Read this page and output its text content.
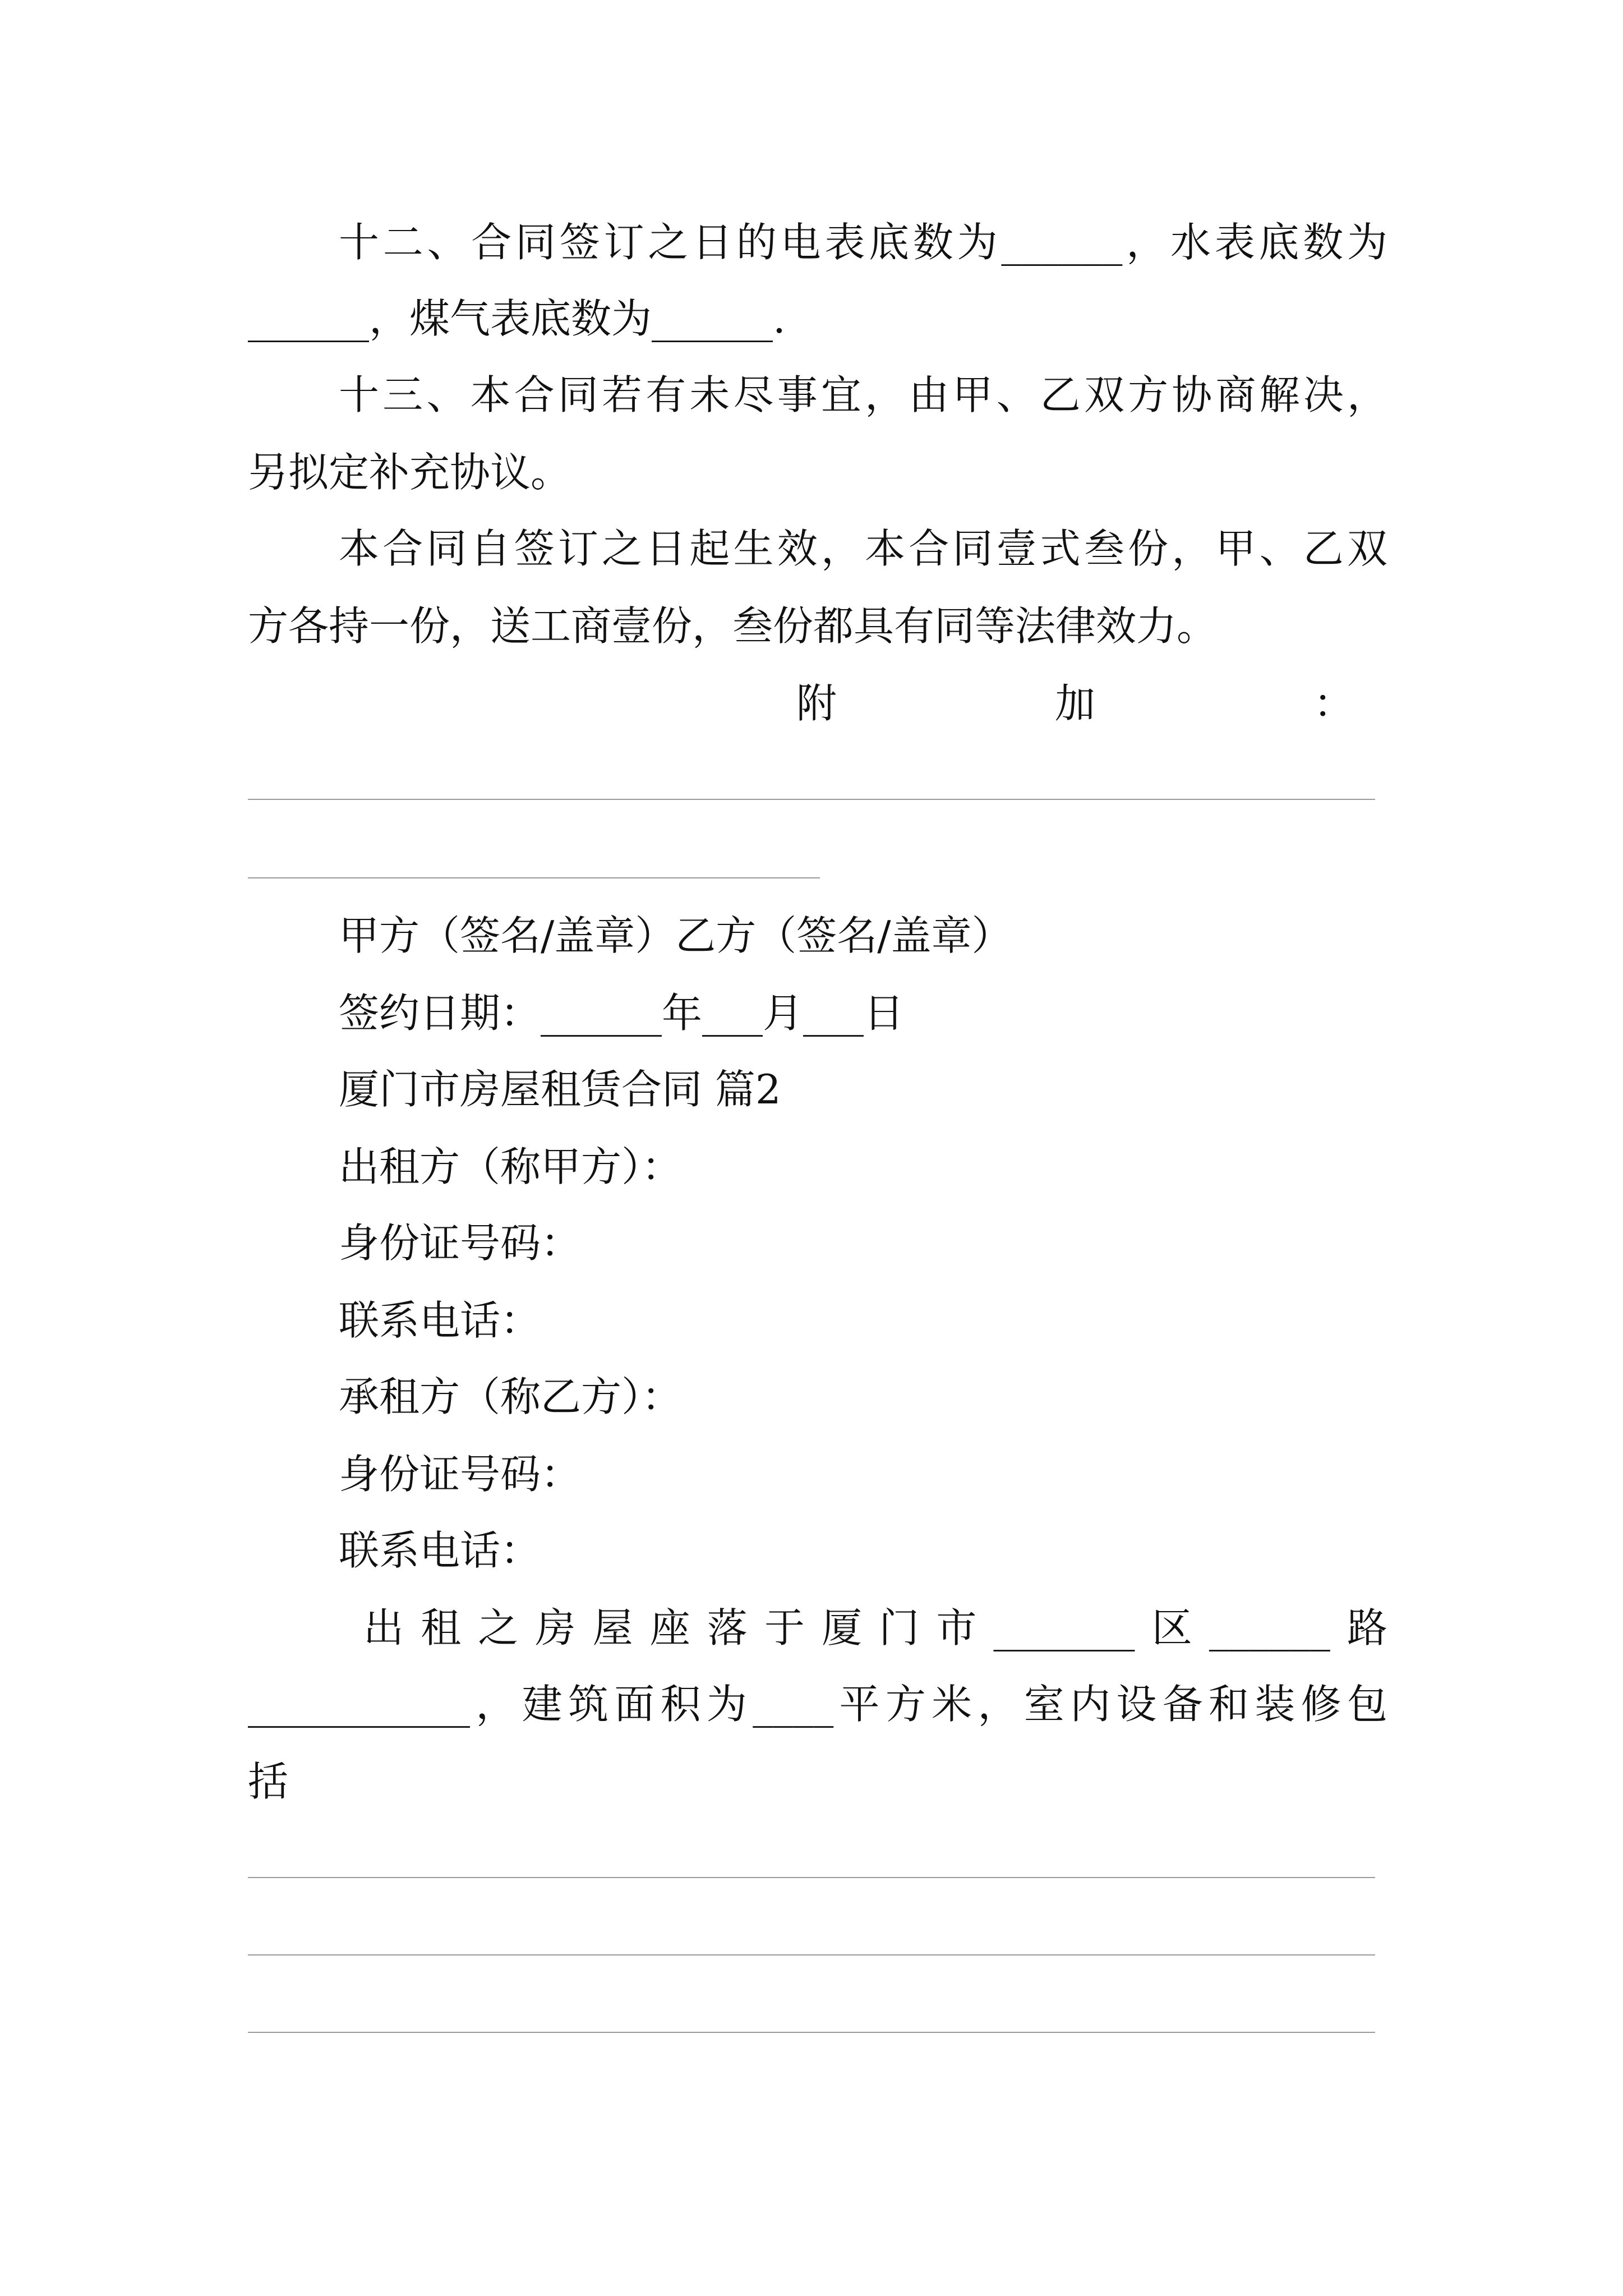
十二、合同签订之日的电表底数为______，水表底数为

______，煤气表底数为______.

十三、本合同若有未尽事宜，由甲、乙双方协商解决，

另拟定补充协议。

本合同自签订之日起生效，本合同壹式叁份，甲、乙双

方各持一份，送工商壹份，叁份都具有同等法律效力。

附 加 ：

甲方（签名/盖章）乙方（签名/盖章）

签约日期：______年___月___日

厦门市房屋租赁合同 篇2

出租方（称甲方）：

身份证号码：

联系电话：

承租方（称乙方）：

身份证号码：

联系电话：

出租之房屋座落于厦门市_______区______路

___________，建筑面积为____平方米，室内设备和装修包

括
